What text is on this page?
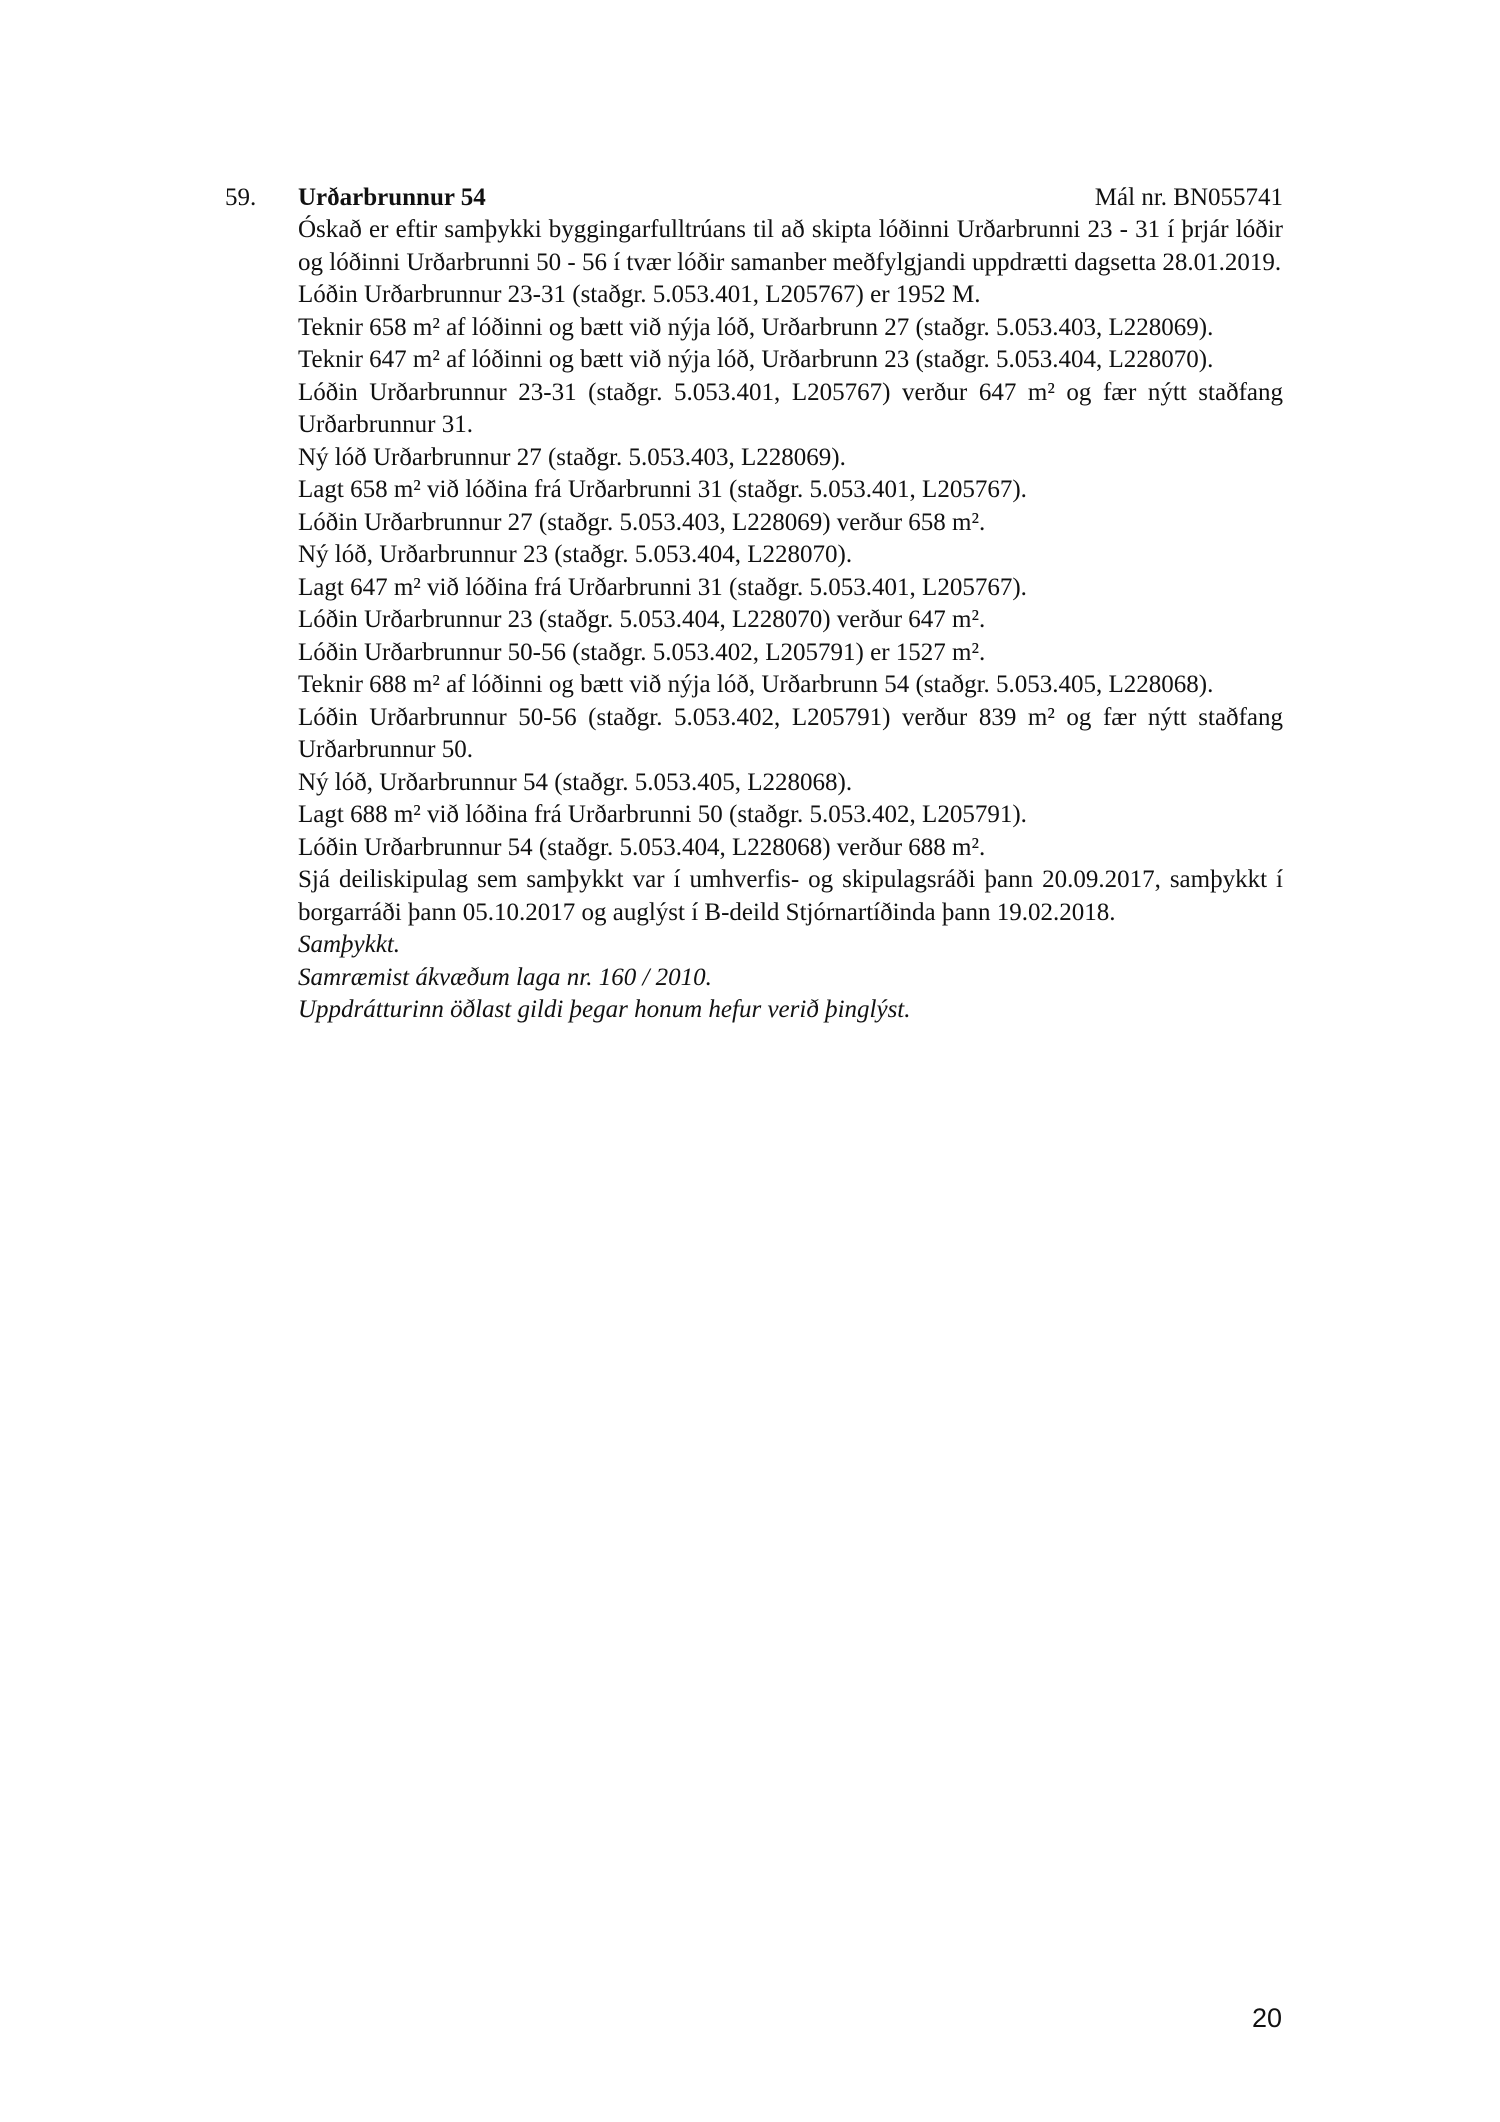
59. Urðarbrunnur 54	Mál nr. BN055741

Óskað er eftir samþykki byggingarfulltrúans til að skipta lóðinni Urðarbrunni 23 - 31 í þrjár lóðir og lóðinni Urðarbrunni 50 - 56 í tvær lóðir samanber meðfylgjandi uppdrætti dagsetta 28.01.2019.

Lóðin Urðarbrunnur 23-31 (staðgr. 5.053.401, L205767) er 1952 M.

Teknir 658 m² af lóðinni og bætt við nýja lóð, Urðarbrunn 27 (staðgr. 5.053.403, L228069).

Teknir 647 m² af lóðinni og bætt við nýja lóð, Urðarbrunn 23 (staðgr. 5.053.404, L228070).

Lóðin Urðarbrunnur 23-31 (staðgr. 5.053.401, L205767) verður 647 m² og fær nýtt staðfang Urðarbrunnur 31.

Ný lóð Urðarbrunnur 27 (staðgr. 5.053.403, L228069).

Lagt 658 m² við lóðina frá Urðarbrunni 31 (staðgr. 5.053.401, L205767).

Lóðin Urðarbrunnur 27 (staðgr. 5.053.403, L228069) verður 658 m².

Ný lóð, Urðarbrunnur 23 (staðgr. 5.053.404, L228070).

Lagt 647 m² við lóðina frá Urðarbrunni 31 (staðgr. 5.053.401, L205767).

Lóðin Urðarbrunnur 23 (staðgr. 5.053.404, L228070) verður 647 m².

Lóðin Urðarbrunnur 50-56 (staðgr. 5.053.402, L205791) er 1527 m².

Teknir 688 m² af lóðinni og bætt við nýja lóð, Urðarbrunn 54 (staðgr. 5.053.405, L228068).

Lóðin Urðarbrunnur 50-56 (staðgr. 5.053.402, L205791) verður 839 m² og fær nýtt staðfang Urðarbrunnur 50.

Ný lóð, Urðarbrunnur 54 (staðgr. 5.053.405, L228068).

Lagt 688 m² við lóðina frá Urðarbrunni 50 (staðgr. 5.053.402, L205791).

Lóðin Urðarbrunnur 54 (staðgr. 5.053.404, L228068) verður 688 m².

Sjá deiliskipulag sem samþykkt var í umhverfis- og skipulagsráði þann 20.09.2017, samþykkt í borgarráði þann 05.10.2017 og auglýst í B-deild Stjórnartíðinda þann 19.02.2018.

Samþykkt.

Samræmist ákvæðum laga nr. 160 / 2010.

Uppdrátturinn öðlast gildi þegar honum hefur verið þinglýst.

20
